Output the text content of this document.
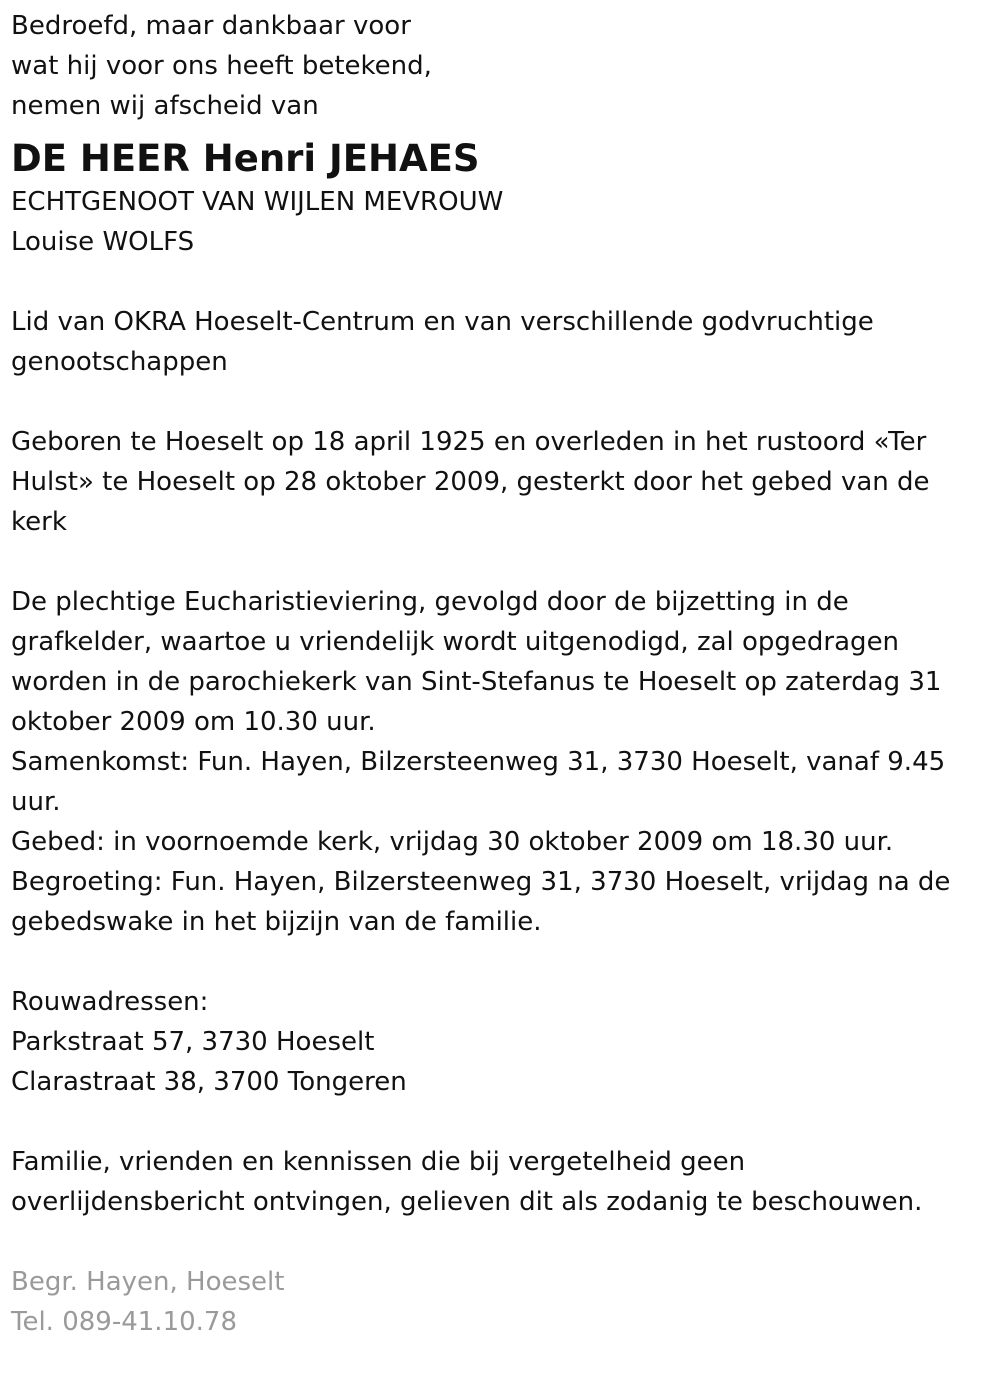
Bedroefd, maar dankbaar voor
wat hij voor ons heeft betekend,
nemen wij afscheid van
DE HEER Henri JEHAES
ECHTGENOOT VAN WIJLEN MEVROUW
Louise WOLFS
Lid van OKRA Hoeselt-Centrum en van verschillende godvruchtige genootschappen
Geboren te Hoeselt op 18 april 1925 en overleden in het rustoord «Ter Hulst» te Hoeselt op 28 oktober 2009, gesterkt door het gebed van de kerk
De plechtige Eucharistieviering, gevolgd door de bijzetting in de grafkelder, waartoe u vriendelijk wordt uitgenodigd, zal opgedragen worden in de parochiekerk van Sint-Stefanus te Hoeselt op zaterdag 31 oktober 2009 om 10.30 uur.
Samenkomst: Fun. Hayen, Bilzersteenweg 31, 3730 Hoeselt, vanaf 9.45 uur.
Gebed: in voornoemde kerk, vrijdag 30 oktober 2009 om 18.30 uur.
Begroeting: Fun. Hayen, Bilzersteenweg 31, 3730 Hoeselt, vrijdag na de gebedswake in het bijzijn van de familie.
Rouwadressen:
Parkstraat 57, 3730 Hoeselt
Clarastraat 38, 3700 Tongeren
Familie, vrienden en kennissen die bij vergetelheid geen overlijdensbericht ontvingen, gelieven dit als zodanig te beschouwen.
Begr. Hayen, Hoeselt
Tel. 089-41.10.78
